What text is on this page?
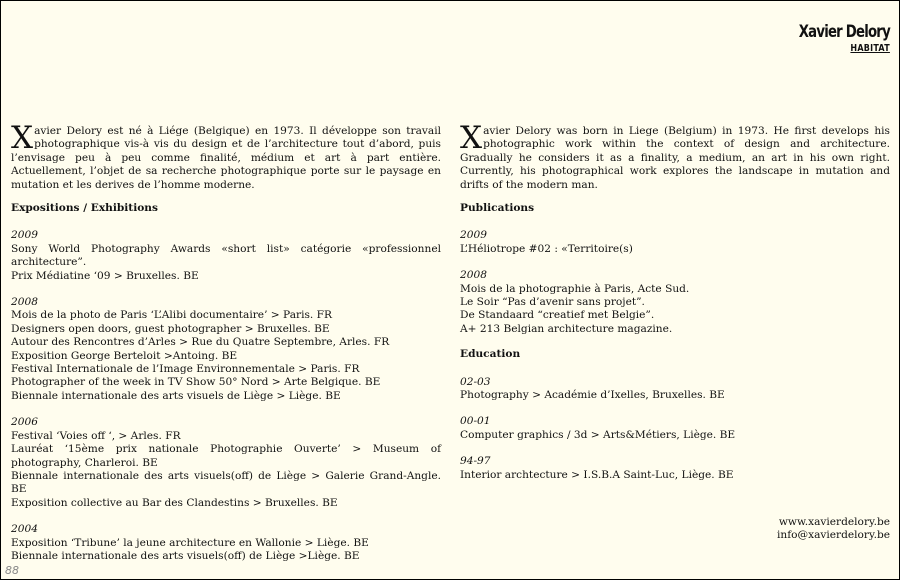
Xavier Delory
HABITAT

Xavier Delory est né à Liége (Belgique) en 1973. Il développe son travail photographique vis-à vis du design et de l’architecture tout d’abord, puis l’envisage peu à peu comme finalité, médium et art à part entière. Actuellement, l’objet de sa recherche photographique porte sur le paysage en mutation et les derives de l’homme moderne.

Expositions / Exhibitions
2009
Sony World Photography Awards «short list» catégorie «professionnel architecture”.
Prix Médiatine ‘09 > Bruxelles. BE
2008
Mois de la photo de Paris ‘L’Alibi documentaire’ > Paris. FR
Designers open doors, guest photographer > Bruxelles. BE
Autour des Rencontres d’Arles > Rue du Quatre Septembre, Arles. FR
Exposition George Berteloit >Antoing. BE
Festival Internationale de l’Image Environnementale > Paris. FR
Photographer of the week in TV Show 50° Nord > Arte Belgique. BE
Biennale internationale des arts visuels de Liège > Liège. BE
2006
Festival ‘Voies off ‘, > Arles. FR
Lauréat ‘15ème prix nationale Photographie Ouverte’ > Museum of photography, Charleroi. BE
Biennale internationale des arts visuels(off) de Liège > Galerie Grand-Angle. BE
Exposition collective au Bar des Clandestins > Bruxelles. BE
2004
Exposition ‘Tribune’ la jeune architecture en Wallonie > Liège. BE
Biennale internationale des arts visuels(off) de Liège >Liège. BE

Xavier Delory was born in Liege (Belgium) in 1973. He first develops his photographic work within the context of design and architecture. Gradually he considers it as a finality, a medium, an art in his own right. Currently, his photographical work explores the landscape in mutation and drifts of the modern man.

Publications
2009
L’Héliotrope #02 : «Territoire(s)
2008
Mois de la photographie à Paris, Acte Sud.
Le Soir “Pas d’avenir sans projet”.
De Standaard “creatief met Belgie”.
A+ 213 Belgian architecture magazine.
Education
02-03
Photography > Académie d’Ixelles, Bruxelles. BE
00-01
Computer graphics / 3d > Arts&Métiers, Liège. BE
94-97
Interior archtecture > I.S.B.A Saint-Luc, Liège. BE
www.xavierdelory.be
info@xavierdelory.be
88
